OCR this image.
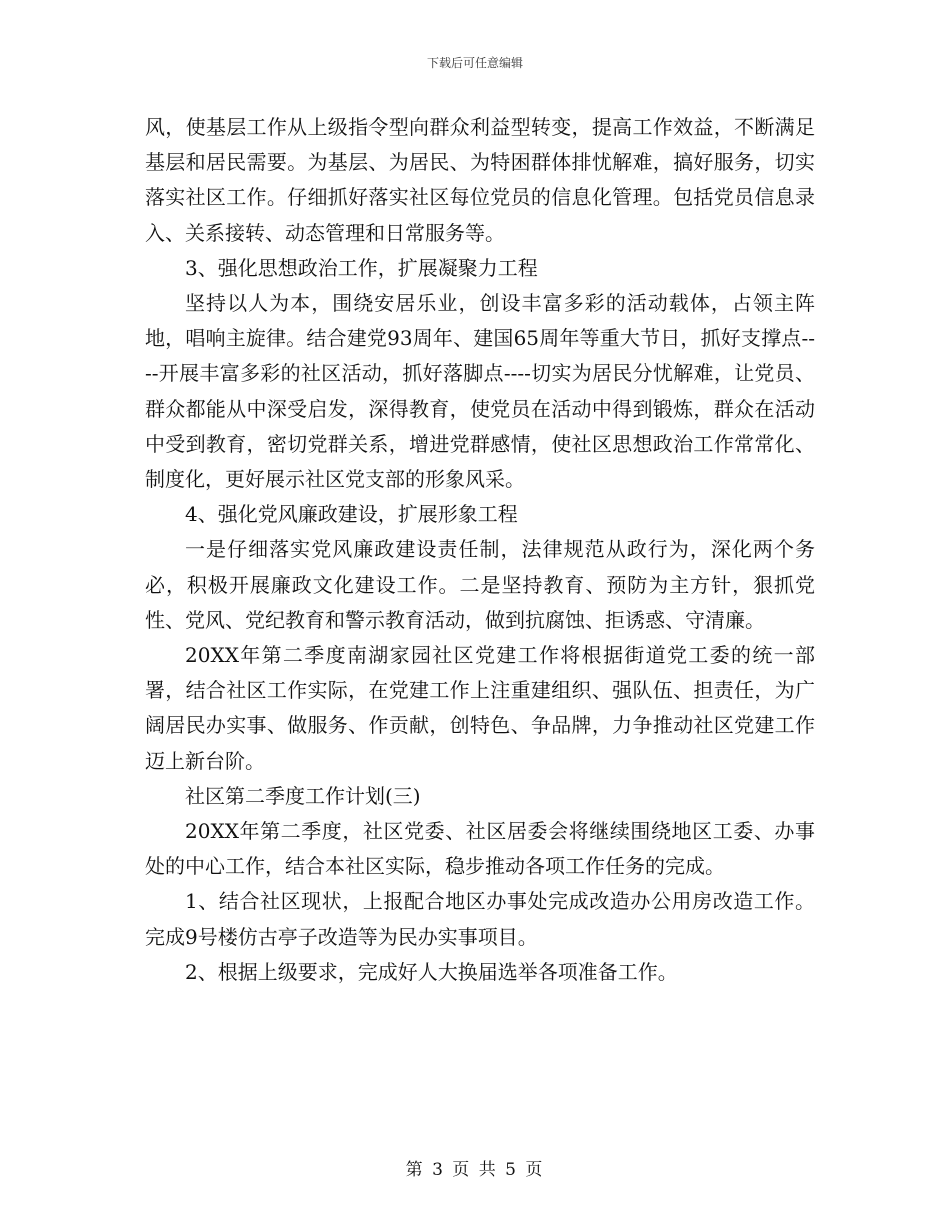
下载后可任意编辑

风，使基层工作从上级指令型向群众利益型转变，提高工作效益，不断满足基层和居民需要。为基层、为居民、为特困群体排忧解难，搞好服务，切实落实社区工作。仔细抓好落实社区每位党员的信息化管理。包括党员信息录入、关系接转、动态管理和日常服务等。

3、强化思想政治工作，扩展凝聚力工程

坚持以人为本，围绕安居乐业，创设丰富多彩的活动载体，占领主阵地，唱响主旋律。结合建党93周年、建国65周年等重大节日，抓好支撑点----开展丰富多彩的社区活动，抓好落脚点----切实为居民分忧解难，让党员、群众都能从中深受启发，深得教育，使党员在活动中得到锻炼，群众在活动中受到教育，密切党群关系，增进党群感情，使社区思想政治工作常常化、制度化，更好展示社区党支部的形象风采。

4、强化党风廉政建设，扩展形象工程

一是仔细落实党风廉政建设责任制，法律规范从政行为，深化两个务必，积极开展廉政文化建设工作。二是坚持教育、预防为主方针，狠抓党性、党风、党纪教育和警示教育活动，做到抗腐蚀、拒诱惑、守清廉。

20XX年第二季度南湖家园社区党建工作将根据街道党工委的统一部署，结合社区工作实际，在党建工作上注重建组织、强队伍、担责任，为广阔居民办实事、做服务、作贡献，创特色、争品牌，力争推动社区党建工作迈上新台阶。

社区第二季度工作计划(三)

20XX年第二季度，社区党委、社区居委会将继续围绕地区工委、办事处的中心工作，结合本社区实际，稳步推动各项工作任务的完成。

1、结合社区现状，上报配合地区办事处完成改造办公用房改造工作。完成9号楼仿古亭子改造等为民办实事项目。

2、根据上级要求，完成好人大换届选举各项准备工作。

第 3 页 共 5 页
